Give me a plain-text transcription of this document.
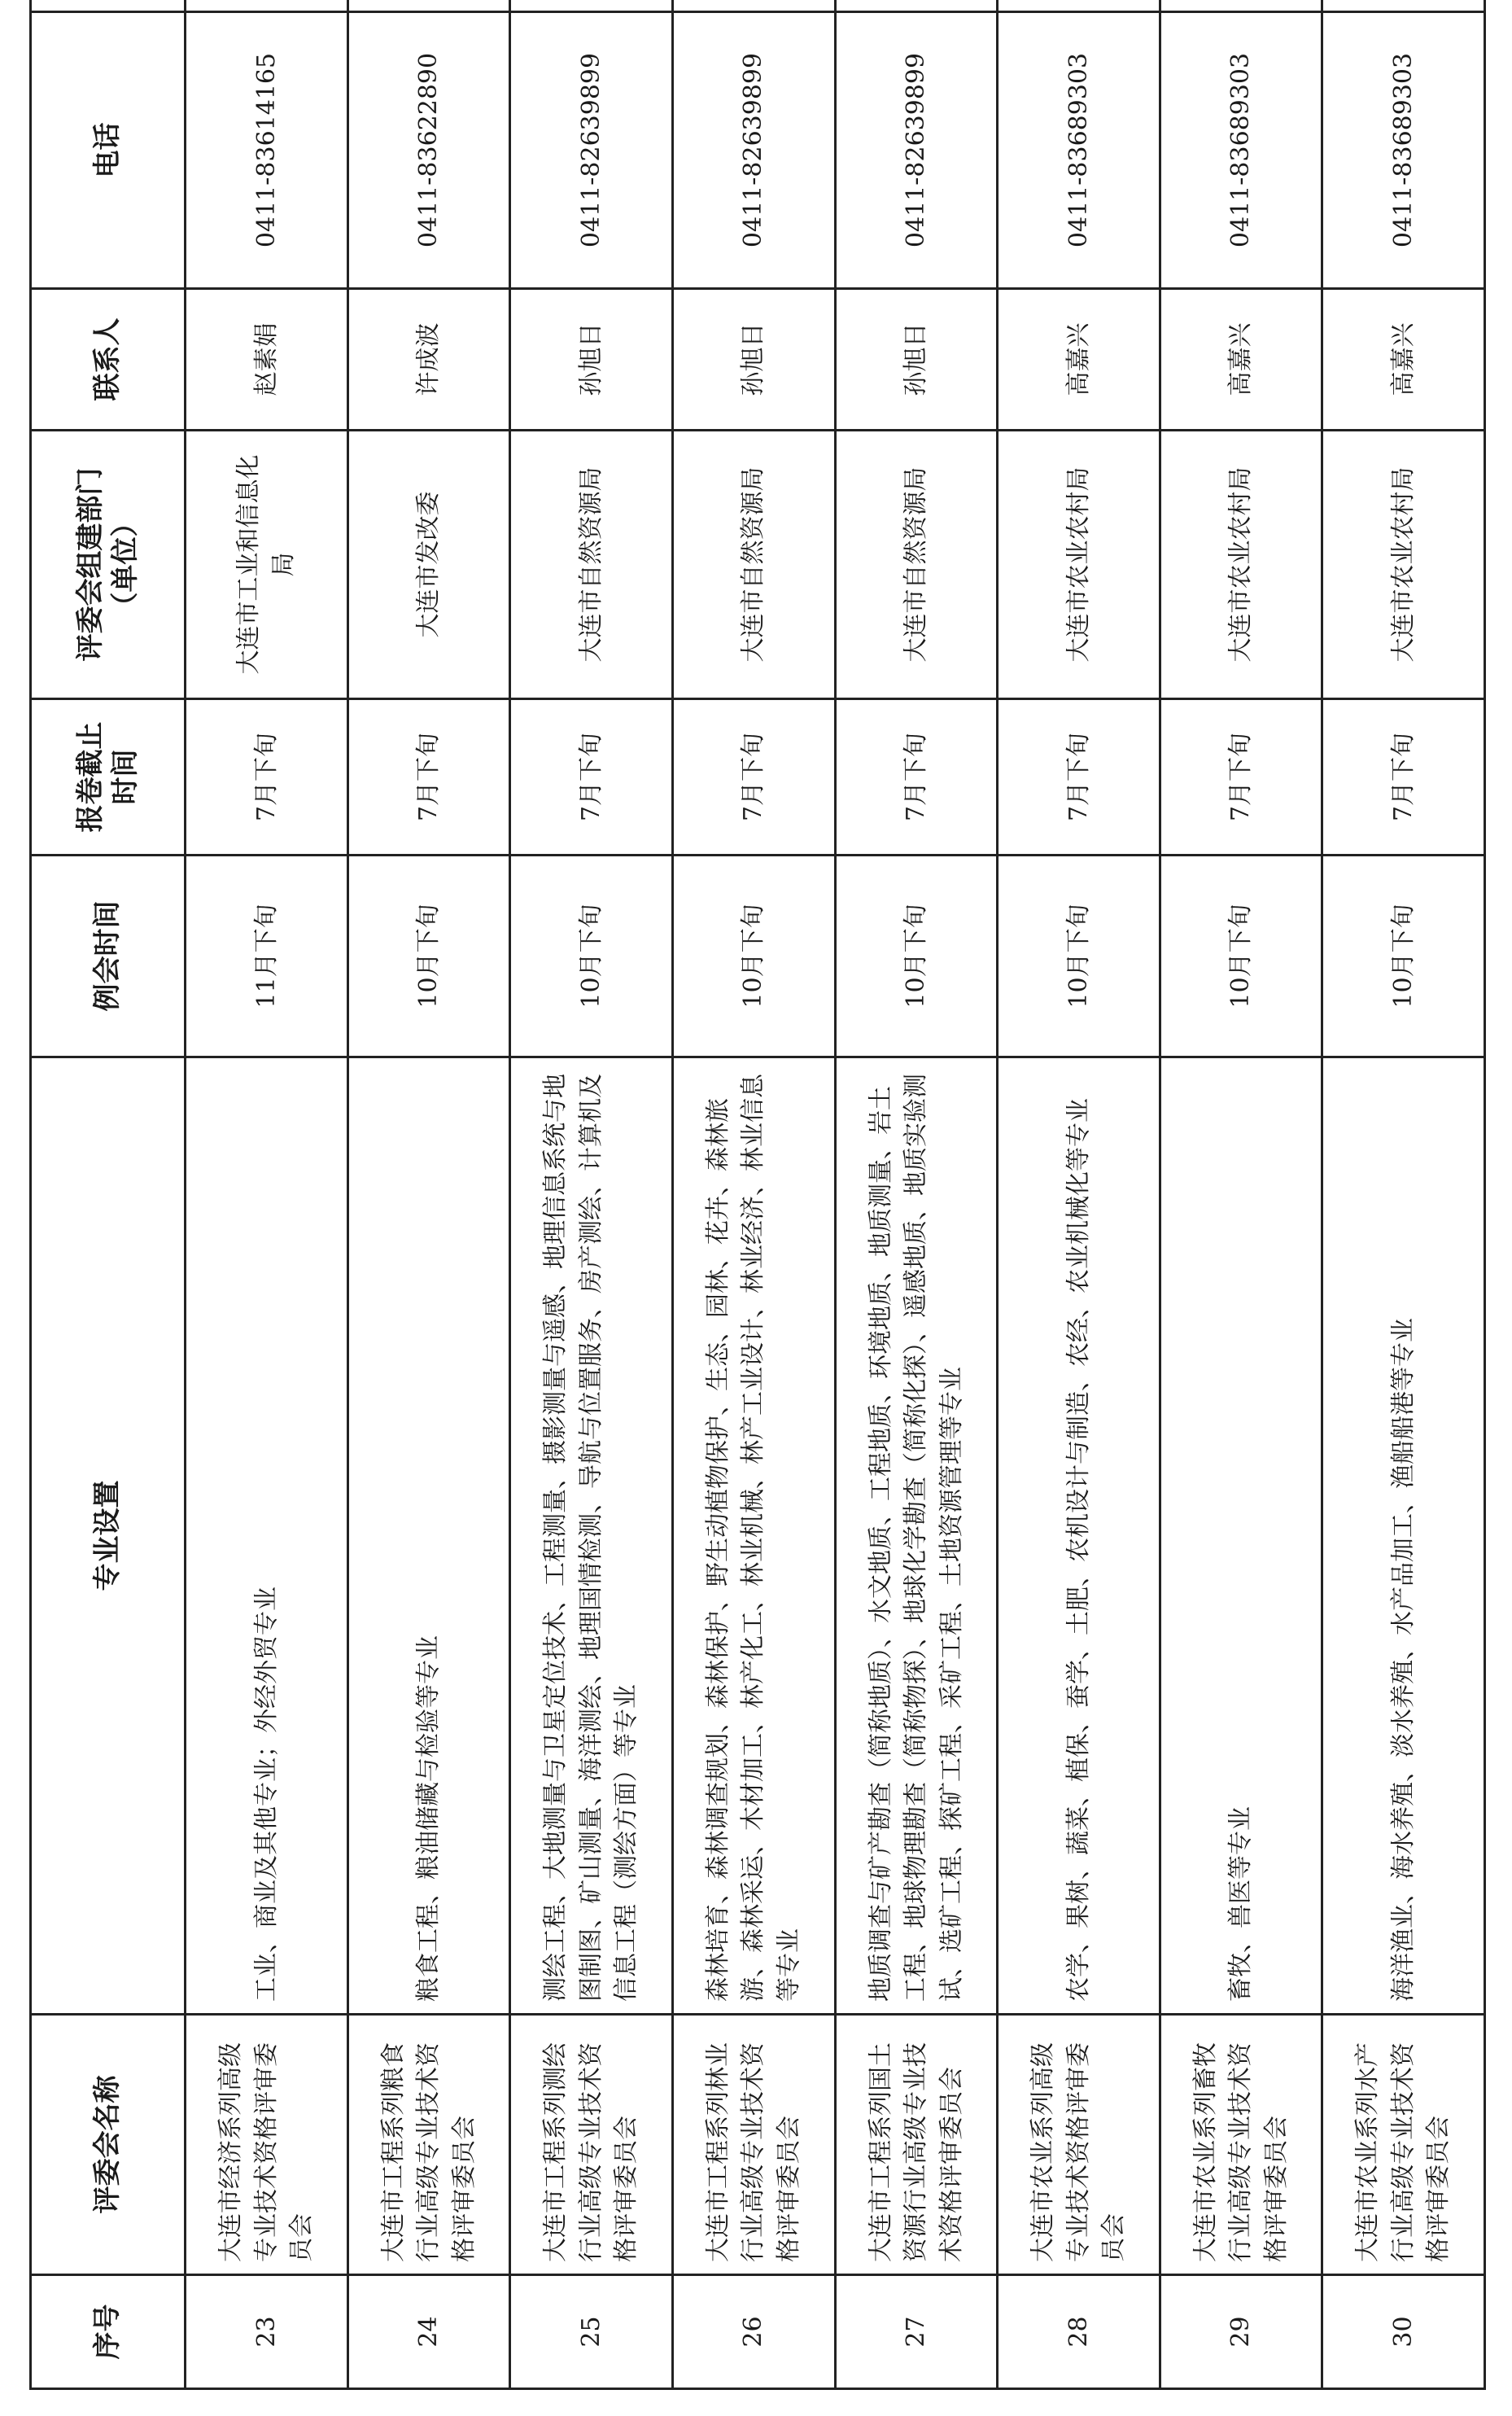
序号	评委会名称	专业设置	例会时间	报卷截止时间	评委会组建部门（单位）	联系人	电话	
23	大连市经济系列高级专业技术资格评审委员会	工业、商业及其他专业；外经外贸专业	11月下旬	7月下旬	大连市工业和信息化局	赵素娟	0411-83614165	
24	大连市工程系列粮食行业高级专业技术资格评审委员会	粮食工程、粮油储藏与检验等专业	10月下旬	7月下旬	大连市发改委	许成波	0411-83622890	
25	大连市工程系列测绘行业高级专业技术资格评审委员会	测绘工程、大地测量与卫星定位技术、工程测量、摄影测量与遥感、地理信息系统与地图制图、矿山测量、海洋测绘、地理国情检测、导航与位置服务、房产测绘、计算机及信息工程（测绘方面）等专业	10月下旬	7月下旬	大连市自然资源局	孙旭日	0411-82639899	
26	大连市工程系列林业行业高级专业技术资格评审委员会	森林培育、森林调查规划、森林保护、野生动植物保护、生态、园林、花卉、森林旅游、森林采运、木材加工、林产化工、林业机械、林产工业设计、林业经济、林业信息等专业	10月下旬	7月下旬	大连市自然资源局	孙旭日	0411-82639899	
27	大连市工程系列国土资源行业高级专业技术资格评审委员会	地质调查与矿产勘查（简称地质）、水文地质、工程地质、环境地质、地质测量、岩土工程、地球物理勘查（简称物探）、地球化学勘查（简称化探）、遥感地质、地质实验测试、选矿工程、探矿工程、采矿工程、土地资源管理等专业	10月下旬	7月下旬	大连市自然资源局	孙旭日	0411-82639899	
28	大连市农业系列高级专业技术资格评审委员会	农学、果树、蔬菜、植保、蚕学、土肥、农机设计与制造、农经、农业机械化等专业	10月下旬	7月下旬	大连市农业农村局	高嘉兴	0411-83689303	
29	大连市农业系列畜牧行业高级专业技术资格评审委员会	畜牧、兽医等专业	10月下旬	7月下旬	大连市农业农村局	高嘉兴	0411-83689303	
30	大连市农业系列水产行业高级专业技术资格评审委员会	海洋渔业、海水养殖、淡水养殖、水产品加工、渔船船港等专业	10月下旬	7月下旬	大连市农业农村局	高嘉兴	0411-83689303	
